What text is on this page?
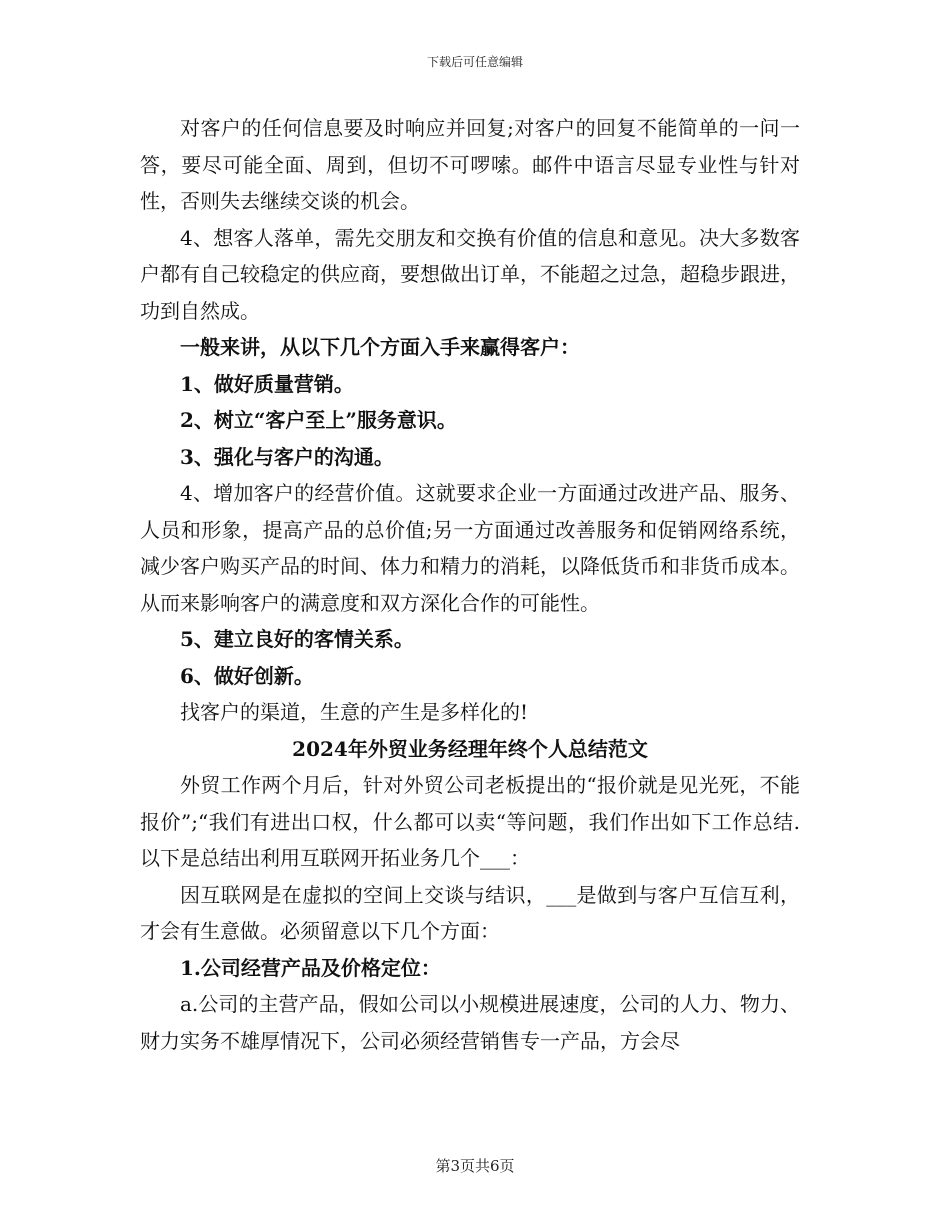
下载后可任意编辑

对客户的任何信息要及时响应并回复;对客户的回复不能简单的一问一答，要尽可能全面、周到，但切不可啰嗦。邮件中语言尽显专业性与针对性，否则失去继续交谈的机会。

4、想客人落单，需先交朋友和交换有价值的信息和意见。决大多数客户都有自己较稳定的供应商，要想做出订单，不能超之过急，超稳步跟进，功到自然成。

一般来讲，从以下几个方面入手来赢得客户：

1、做好质量营销。

2、树立“客户至上”服务意识。

3、强化与客户的沟通。

4、增加客户的经营价值。这就要求企业一方面通过改进产品、服务、人员和形象，提高产品的总价值;另一方面通过改善服务和促销网络系统，减少客户购买产品的时间、体力和精力的消耗，以降低货币和非货币成本。从而来影响客户的满意度和双方深化合作的可能性。

5、建立良好的客情关系。

6、做好创新。

找客户的渠道，生意的产生是多样化的!

2024年外贸业务经理年终个人总结范文

外贸工作两个月后，针对外贸公司老板提出的“报价就是见光死，不能报价”;“我们有进出口权，什么都可以卖“等问题，我们作出如下工作总结.以下是总结出利用互联网开拓业务几个___：

因互联网是在虚拟的空间上交谈与结识，___是做到与客户互信互利，才会有生意做。必须留意以下几个方面：

1.公司经营产品及价格定位：

a.公司的主营产品，假如公司以小规模进展速度，公司的人力、物力、财力实务不雄厚情况下，公司必须经营销售专一产品，方会尽

第3页共6页
